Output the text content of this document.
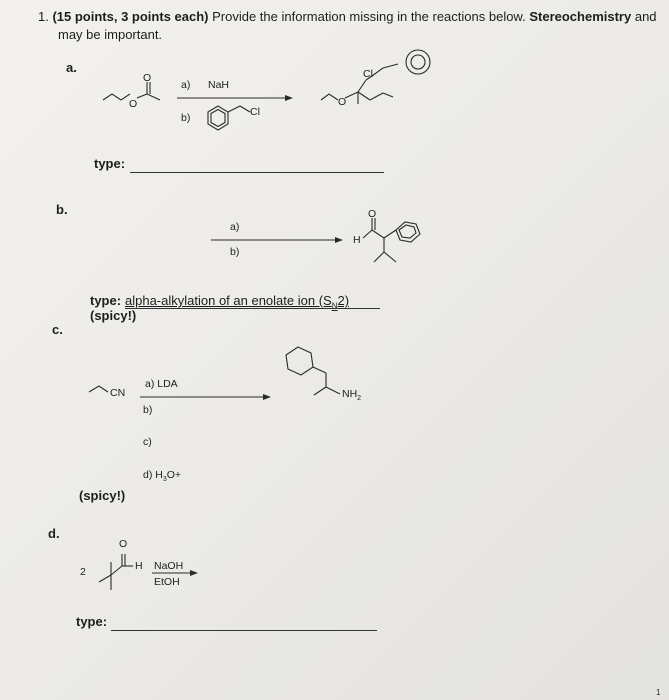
1. (15 points, 3 points each) Provide the information missing in the reactions below. Stereochemistry and
may be important.
a.
O
O
a) NaH
b)	Cl
O
Cl
type:
b.
a)
b)
H
O
type: alpha-alkylation of an enolate ion $(S_N2)$
(spicy!)
c.
CN
a) LDA
b)
c)
d) $H_3O+$
$NH_2$
(spicy!)
d.
2
O
H NaOH
EtOH
type:
1
